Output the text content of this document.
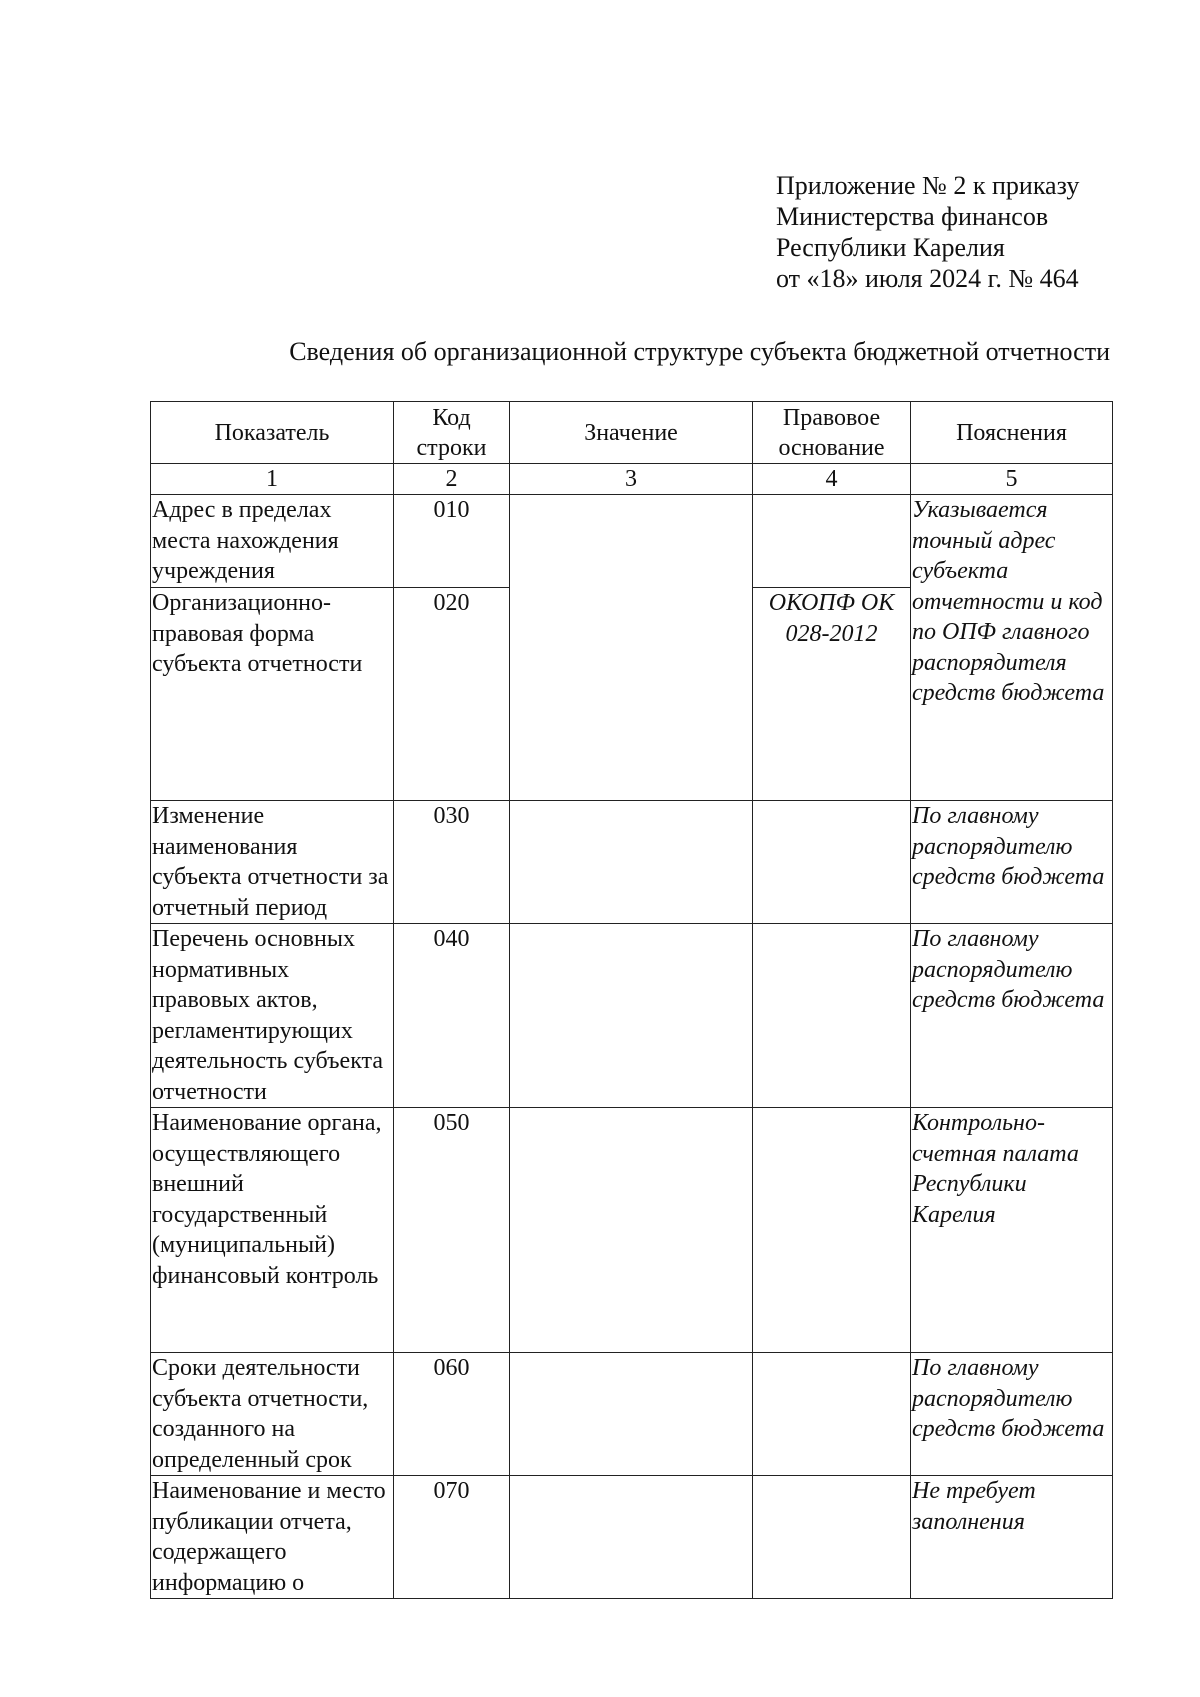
Приложение № 2 к приказу
Министерства финансов
Республики Карелия
от «18» июля 2024 г. № 464
Сведения об организационной структуре субъекта бюджетной отчетности
Показатель	Код строки	Значение	Правовое основание	Пояснения
1	2	3	4	5
Адрес в пределах места нахождения учреждения	010			Указывается точный адрес субъекта отчетности и код по ОПФ главного распорядителя средств бюджета
Организационно-правовая форма субъекта отчетности	020		ОКОПФ ОК 028-2012	
Изменение наименования субъекта отчетности за отчетный период	030			По главному распорядителю средств бюджета
Перечень основных нормативных правовых актов, регламентирующих деятельность субъекта отчетности	040			По главному распорядителю средств бюджета
Наименование органа, осуществляющего внешний государственный (муниципальный) финансовый контроль	050			Контрольно-счетная палата Республики Карелия
Сроки деятельности субъекта отчетности, созданного на определенный срок	060			По главному распорядителю средств бюджета
Наименование и место публикации отчета, содержащего информацию о	070			Не требует заполнения
